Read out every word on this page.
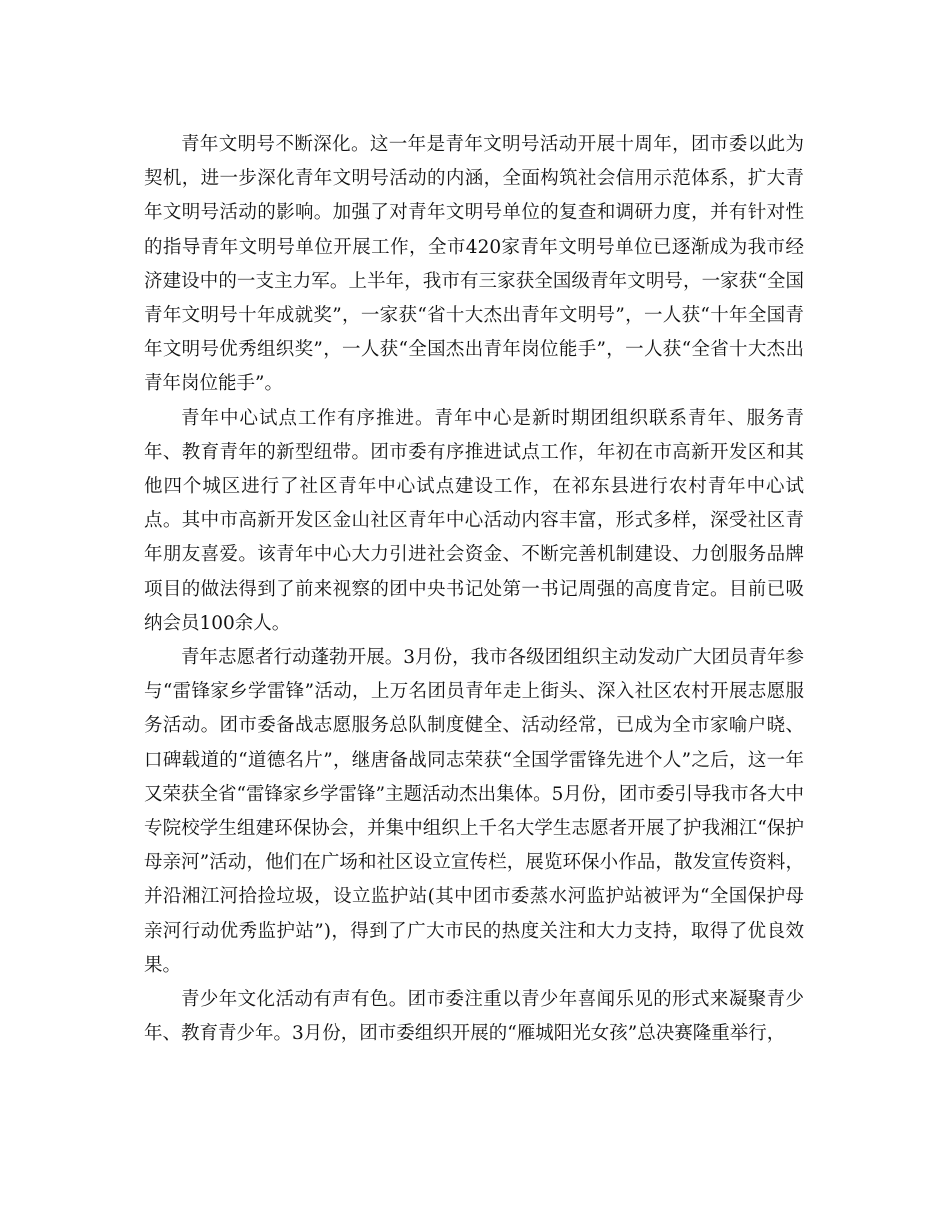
青年文明号不断深化。这一年是青年文明号活动开展十周年，团市委以此为契机，进一步深化青年文明号活动的内涵，全面构筑社会信用示范体系，扩大青年文明号活动的影响。加强了对青年文明号单位的复查和调研力度，并有针对性的指导青年文明号单位开展工作，全市420家青年文明号单位已逐渐成为我市经济建设中的一支主力军。上半年，我市有三家获全国级青年文明号，一家获“全国青年文明号十年成就奖”，一家获“省十大杰出青年文明号”，一人获“十年全国青年文明号优秀组织奖”，一人获“全国杰出青年岗位能手”，一人获“全省十大杰出青年岗位能手”。

青年中心试点工作有序推进。青年中心是新时期团组织联系青年、服务青年、教育青年的新型纽带。团市委有序推进试点工作，年初在市高新开发区和其他四个城区进行了社区青年中心试点建设工作，在祁东县进行农村青年中心试点。其中市高新开发区金山社区青年中心活动内容丰富，形式多样，深受社区青年朋友喜爱。该青年中心大力引进社会资金、不断完善机制建设、力创服务品牌项目的做法得到了前来视察的团中央书记处第一书记周强的高度肯定。目前已吸纳会员100余人。

青年志愿者行动蓬勃开展。3月份，我市各级团组织主动发动广大团员青年参与“雷锋家乡学雷锋”活动，上万名团员青年走上街头、深入社区农村开展志愿服务活动。团市委备战志愿服务总队制度健全、活动经常，已成为全市家喻户晓、口碑载道的“道德名片”，继唐备战同志荣获“全国学雷锋先进个人”之后，这一年又荣获全省“雷锋家乡学雷锋”主题活动杰出集体。5月份，团市委引导我市各大中专院校学生组建环保协会，并集中组织上千名大学生志愿者开展了护我湘江“保护母亲河”活动，他们在广场和社区设立宣传栏，展览环保小作品，散发宣传资料，并沿湘江河拾捡垃圾，设立监护站(其中团市委蒸水河监护站被评为“全国保护母亲河行动优秀监护站”)，得到了广大市民的热度关注和大力支持，取得了优良效果。

青少年文化活动有声有色。团市委注重以青少年喜闻乐见的形式来凝聚青少年、教育青少年。3月份，团市委组织开展的“雁城阳光女孩”总决赛隆重举行，
